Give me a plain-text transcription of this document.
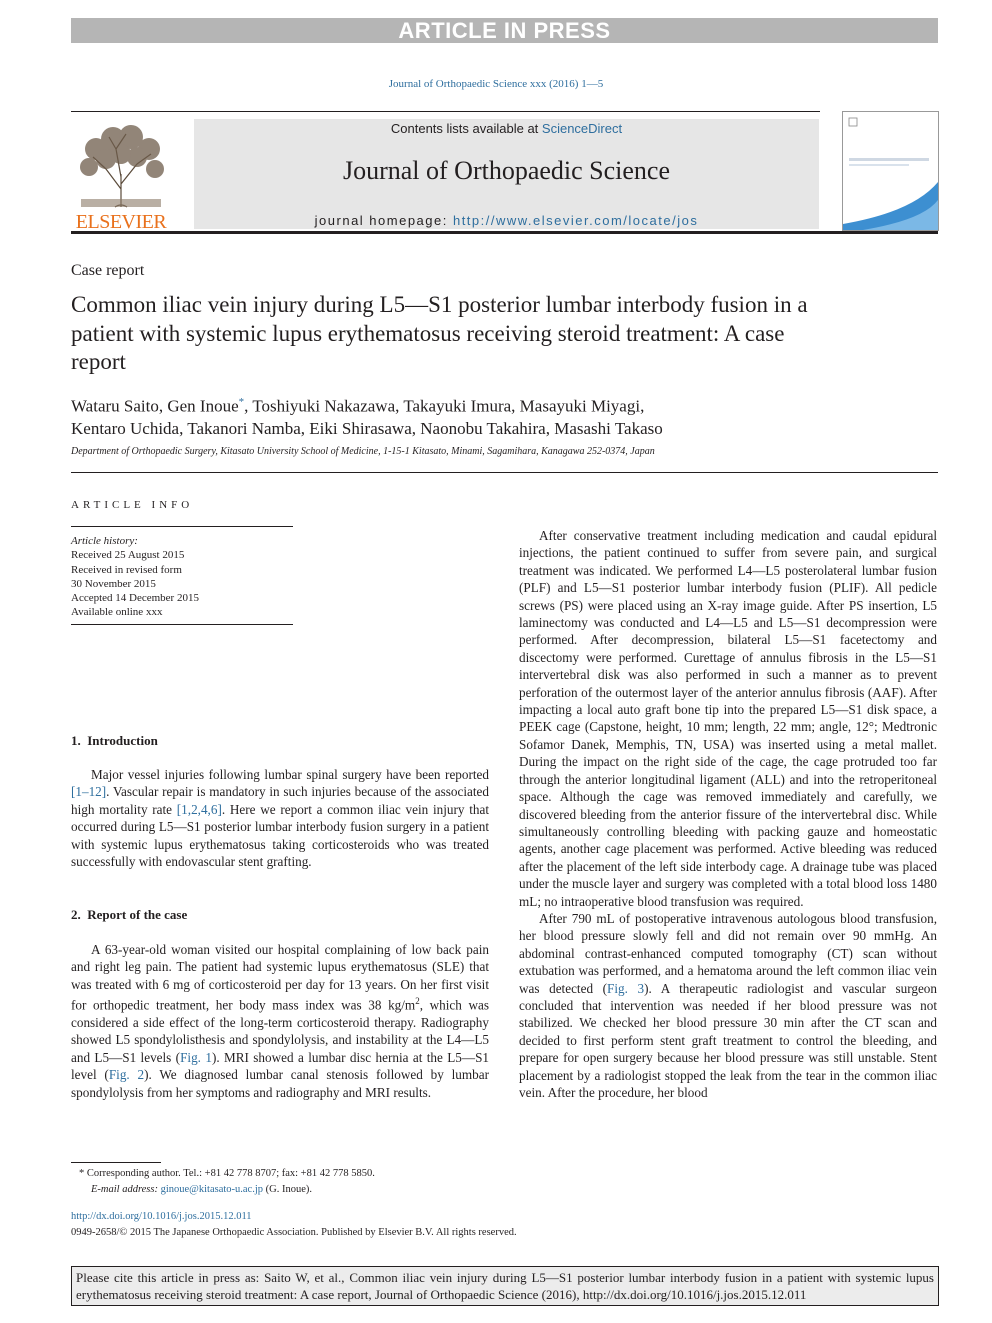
ARTICLE IN PRESS
Journal of Orthopaedic Science xxx (2016) 1—5
ELSEVIER
Contents lists available at ScienceDirect
Journal of Orthopaedic Science
journal homepage: http://www.elsevier.com/locate/jos
Case report
Common iliac vein injury during L5—S1 posterior lumbar interbody fusion in a patient with systemic lupus erythematosus receiving steroid treatment: A case report
Wataru Saito, Gen Inoue*, Toshiyuki Nakazawa, Takayuki Imura, Masayuki Miyagi,
Kentaro Uchida, Takanori Namba, Eiki Shirasawa, Naonobu Takahira, Masashi Takaso
Department of Orthopaedic Surgery, Kitasato University School of Medicine, 1-15-1 Kitasato, Minami, Sagamihara, Kanagawa 252-0374, Japan
ARTICLE INFO
Article history:
Received 25 August 2015
Received in revised form
30 November 2015
Accepted 14 December 2015
Available online xxx
1. Introduction

Major vessel injuries following lumbar spinal surgery have been reported [1–12]. Vascular repair is mandatory in such injuries because of the associated high mortality rate [1,2,4,6]. Here we report a common iliac vein injury that occurred during L5—S1 posterior lumbar interbody fusion surgery in a patient with systemic lupus erythematosus taking corticosteroids who was treated successfully with endovascular stent grafting.

2. Report of the case

A 63-year-old woman visited our hospital complaining of low back pain and right leg pain. The patient had systemic lupus erythematosus (SLE) that was treated with 6 mg of corticosteroid per day for 13 years. On her first visit for orthopedic treatment, her body mass index was 38 $kg/m^2$, which was considered a side effect of the long-term corticosteroid therapy. Radiography showed L5 spondylolisthesis and spondylolysis, and instability at the L4—L5 and L5—S1 levels (Fig. 1). MRI showed a lumbar disc hernia at the L5—S1 level (Fig. 2). We diagnosed lumbar canal stenosis followed by lumbar spondylolysis from her symptoms and radiography and MRI results.

After conservative treatment including medication and caudal epidural injections, the patient continued to suffer from severe pain, and surgical treatment was indicated. We performed L4—L5 posterolateral lumbar fusion (PLF) and L5—S1 posterior lumbar interbody fusion (PLIF). All pedicle screws (PS) were placed using an X-ray image guide. After PS insertion, L5 laminectomy was conducted and L4—L5 and L5—S1 decompression were performed. After decompression, bilateral L5—S1 facetectomy and discectomy were performed. Curettage of annulus fibrosis in the L5—S1 intervertebral disk was also performed in such a manner as to prevent perforation of the outermost layer of the anterior annulus fibrosis (AAF). After impacting a local auto graft bone tip into the prepared L5—S1 disk space, a PEEK cage (Capstone, height, 10 mm; length, 22 mm; angle, 12°; Medtronic Sofamor Danek, Memphis, TN, USA) was inserted using a metal mallet. During the impact on the right side of the cage, the cage protruded too far through the anterior longitudinal ligament (ALL) and into the retroperitoneal space. Although the cage was removed immediately and carefully, we discovered bleeding from the anterior fissure of the intervertebral disc. While simultaneously controlling bleeding with packing gauze and homeostatic agents, another cage placement was performed. Active bleeding was reduced after the placement of the left side interbody cage. A drainage tube was placed under the muscle layer and surgery was completed with a total blood loss 1480 mL; no intraoperative blood transfusion was required.

After 790 mL of postoperative intravenous autologous blood transfusion, her blood pressure slowly fell and did not remain over 90 mmHg. An abdominal contrast-enhanced computed tomography (CT) scan without extubation was performed, and a hematoma around the left common iliac vein was detected (Fig. 3). A therapeutic radiologist and vascular surgeon concluded that intervention was needed if her blood pressure was not stabilized. We checked her blood pressure 30 min after the CT scan and decided to first perform stent graft treatment to control the bleeding, and prepare for open surgery because her blood pressure was still unstable. Stent placement by a radiologist stopped the leak from the tear in the common iliac vein. After the procedure, her blood

* Corresponding author. Tel.: +81 42 778 8707; fax: +81 42 778 5850.
E-mail address: ginoue@kitasato-u.ac.jp (G. Inoue).
http://dx.doi.org/10.1016/j.jos.2015.12.011
0949-2658/© 2015 The Japanese Orthopaedic Association. Published by Elsevier B.V. All rights reserved.
Please cite this article in press as: Saito W, et al., Common iliac vein injury during L5—S1 posterior lumbar interbody fusion in a patient with systemic lupus erythematosus receiving steroid treatment: A case report, Journal of Orthopaedic Science (2016), http://dx.doi.org/10.1016/j.jos.2015.12.011
